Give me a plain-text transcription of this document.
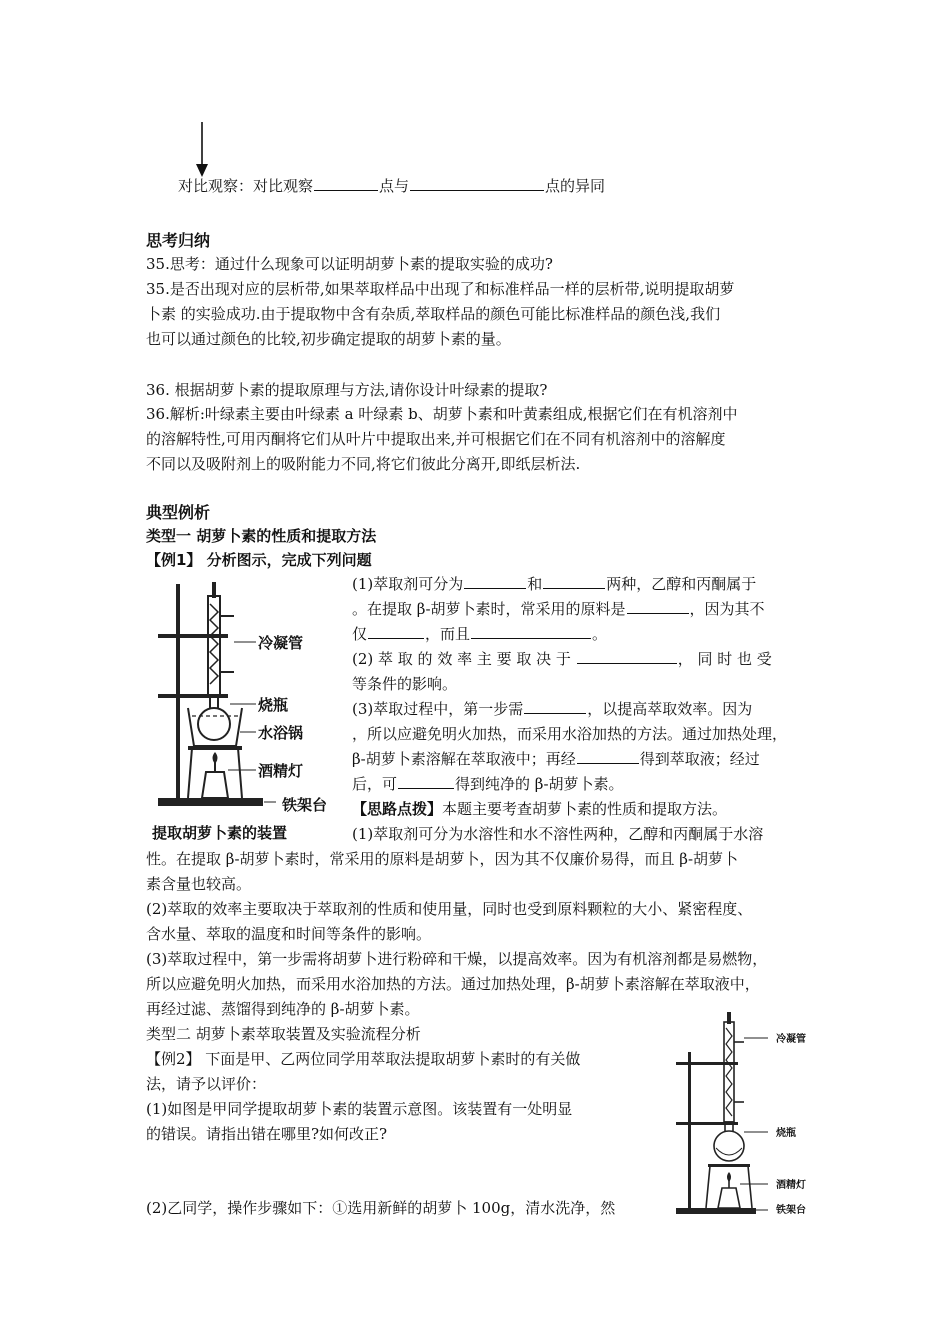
对比观察：对比观察	点与	点的异同
思考归纳
35.思考：通过什么现象可以证明胡萝卜素的提取实验的成功?
35.是否出现对应的层析带,如果萃取样品中出现了和标准样品一样的层析带,说明提取胡萝
卜素 的实验成功.由于提取物中含有杂质,萃取样品的颜色可能比标准样品的颜色浅,我们
也可以通过颜色的比较,初步确定提取的胡萝卜素的量。
36. 根据胡萝卜素的提取原理与方法,请你设计叶绿素的提取?
36.解析:叶绿素主要由叶绿素 a 叶绿素 b、胡萝卜素和叶黄素组成,根据它们在有机溶剂中
的溶解特性,可用丙酮将它们从叶片中提取出来,并可根据它们在不同有机溶剂中的溶解度
不同以及吸附剂上的吸附能力不同,将它们彼此分离开,即纸层析法.
典型例析
类型一 胡萝卜素的性质和提取方法
【例1】 分析图示，完成下列问题
冷凝管
烧瓶
水浴锅
酒精灯
铁架台
提取胡萝卜素的装置
(1)萃取剂可分为	和	两种，乙醇和丙酮属于
。在提取 β-胡萝卜素时，常采用的原料是	，因为其不
仅	，而且	。
(2) 萃 取 的 效 率 主 要 取 决 于	， 同 时 也 受
等条件的影响。
(3)萃取过程中，第一步需	，以提高萃取效率。因为
，所以应避免明火加热，而采用水浴加热的方法。通过加热处理，
β-胡萝卜素溶解在萃取液中；再经	得到萃取液；经过
后，可	得到纯净的 β-胡萝卜素。
【思路点拨】本题主要考查胡萝卜素的性质和提取方法。
(1)萃取剂可分为水溶性和水不溶性两种，乙醇和丙酮属于水溶
性。在提取 β-胡萝卜素时，常采用的原料是胡萝卜，因为其不仅廉价易得，而且 β-胡萝卜
素含量也较高。
(2)萃取的效率主要取决于萃取剂的性质和使用量，同时也受到原料颗粒的大小、紧密程度、
含水量、萃取的温度和时间等条件的影响。
(3)萃取过程中，第一步需将胡萝卜进行粉碎和干燥，以提高效率。因为有机溶剂都是易燃物，
所以应避免明火加热，而采用水浴加热的方法。通过加热处理，β-胡萝卜素溶解在萃取液中，
再经过滤、蒸馏得到纯净的 β-胡萝卜素。
类型二 胡萝卜素萃取装置及实验流程分析
【例2】 下面是甲、乙两位同学用萃取法提取胡萝卜素时的有关做
法，请予以评价：
(1)如图是甲同学提取胡萝卜素的装置示意图。该装置有一处明显
的错误。请指出错在哪里?如何改正?
(2)乙同学，操作步骤如下：①选用新鲜的胡萝卜 100g，清水洗净，然
冷凝管
烧瓶
酒精灯
铁架台
